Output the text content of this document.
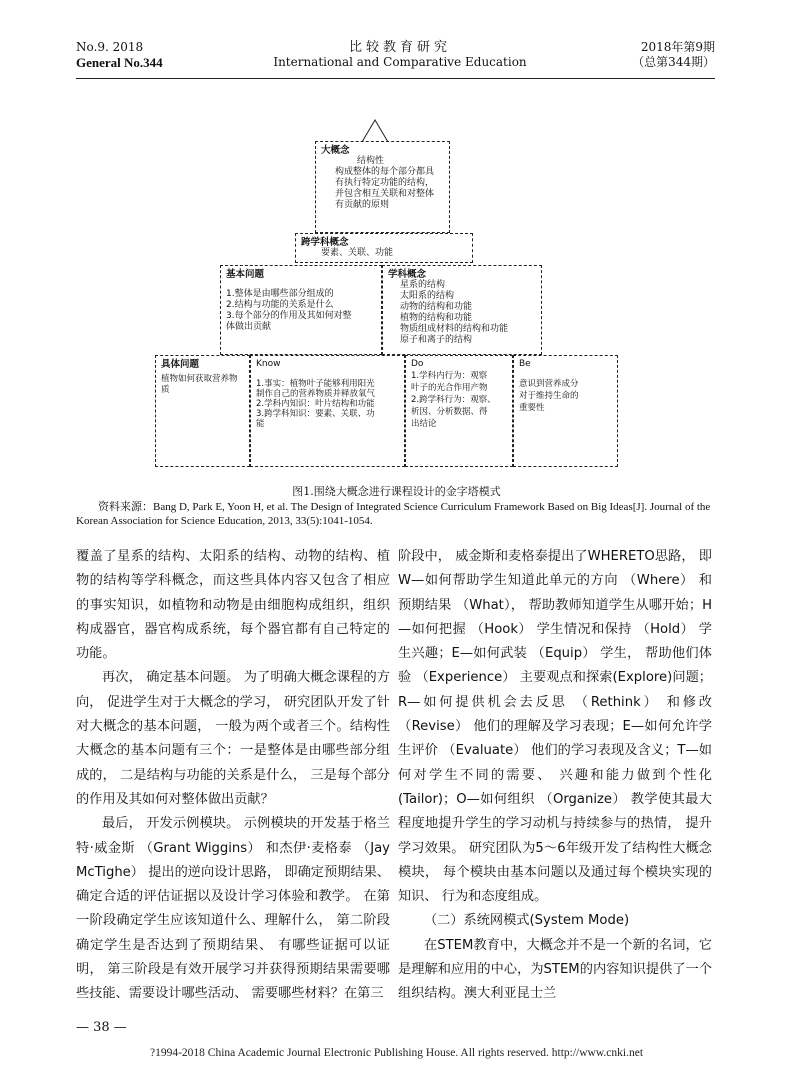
No.9. 2018
General No.344
比较教育研究
International and Comparative Education
2018年第9期
（总第344期）
大概念
结构性
构成整体的每个部分都具
有执行特定功能的结构，
并包含相互关联和对整体
有贡献的原则
跨学科概念
要素、关联、功能
基本问题
1.整体是由哪些部分组成的
2.结构与功能的关系是什么
3.每个部分的作用及其如何对整
体做出贡献
学科概念
星系的结构
太阳系的结构
动物的结构和功能
植物的结构和功能
物质组成材料的结构和功能
原子和离子的结构
具体问题
植物如何获取营养物质
Know
1.事实：植物叶子能够利用阳光
制作自己的营养物质并释放氧气
2.学科内知识：叶片结构和功能
3.跨学科知识：要素、关联、功
能
Do
1.学科内行为：观察
叶子的光合作用产物
2.跨学科行为：观察、
析因、分析数据、得
出结论
Be
意识到营养成分
对于维持生命的
重要性
图1.围绕大概念进行课程设计的金字塔模式
资料来源：Bang D, Park E, Yoon H, et al. The Design of Integrated Science Curriculum Framework Based on Big Ideas[J]. Journal of the Korean Association for Science Education, 2013, 33(5):1041-1054.

覆盖了星系的结构、太阳系的结构、动物的结构、植物的结构等学科概念，而这些具体内容又包含了相应的事实知识，如植物和动物是由细胞构成组织，组织构成器官，器官构成系统，每个器官都有自己特定的功能。

再次， 确定基本问题。 为了明确大概念课程的方向， 促进学生对于大概念的学习， 研究团队开发了针对大概念的基本问题， 一般为两个或者三个。结构性大概念的基本问题有三个：一是整体是由哪些部分组成的， 二是结构与功能的关系是什么， 三是每个部分的作用及其如何对整体做出贡献？

最后， 开发示例模块。 示例模块的开发基于格兰特·威金斯 （Grant Wiggins） 和杰伊·麦格泰 （Jay McTighe） 提出的逆向设计思路， 即确定预期结果、 确定合适的评估证据以及设计学习体验和教学。 在第一阶段确定学生应该知道什么、理解什么， 第二阶段确定学生是否达到了预期结果、 有哪些证据可以证明， 第三阶段是有效开展学习并获得预期结果需要哪些技能、需要设计哪些活动、 需要哪些材料？在第三

阶段中， 威金斯和麦格泰提出了WHERETO思路， 即W—如何帮助学生知道此单元的方向 （Where） 和预期结果 （What）， 帮助教师知道学生从哪开始；H—如何把握 （Hook） 学生情况和保持 （Hold） 学生兴趣；E—如何武装 （Equip） 学生， 帮助他们体验 （Experience） 主要观点和探索(Explore)问题；R—如何提供机会去反思 （Rethink） 和修改 （Revise） 他们的理解及学习表现；E—如何允许学生评价 （Evaluate） 他们的学习表现及含义；T—如何对学生不同的需要、 兴趣和能力做到个性化(Tailor)；O—如何组织 （Organize） 教学使其最大程度地提升学生的学习动机与持续参与的热情， 提升学习效果。 研究团队为5～6年级开发了结构性大概念模块， 每个模块由基本问题以及通过每个模块实现的知识、 行为和态度组成。

（二）系统网模式(System Mode)

在STEM教育中，大概念并不是一个新的名词，它是理解和应用的中心，为STEM的内容知识提供了一个组织结构。澳大利亚昆士兰

— 38 —
?1994-2018 China Academic Journal Electronic Publishing House. All rights reserved. http://www.cnki.net
